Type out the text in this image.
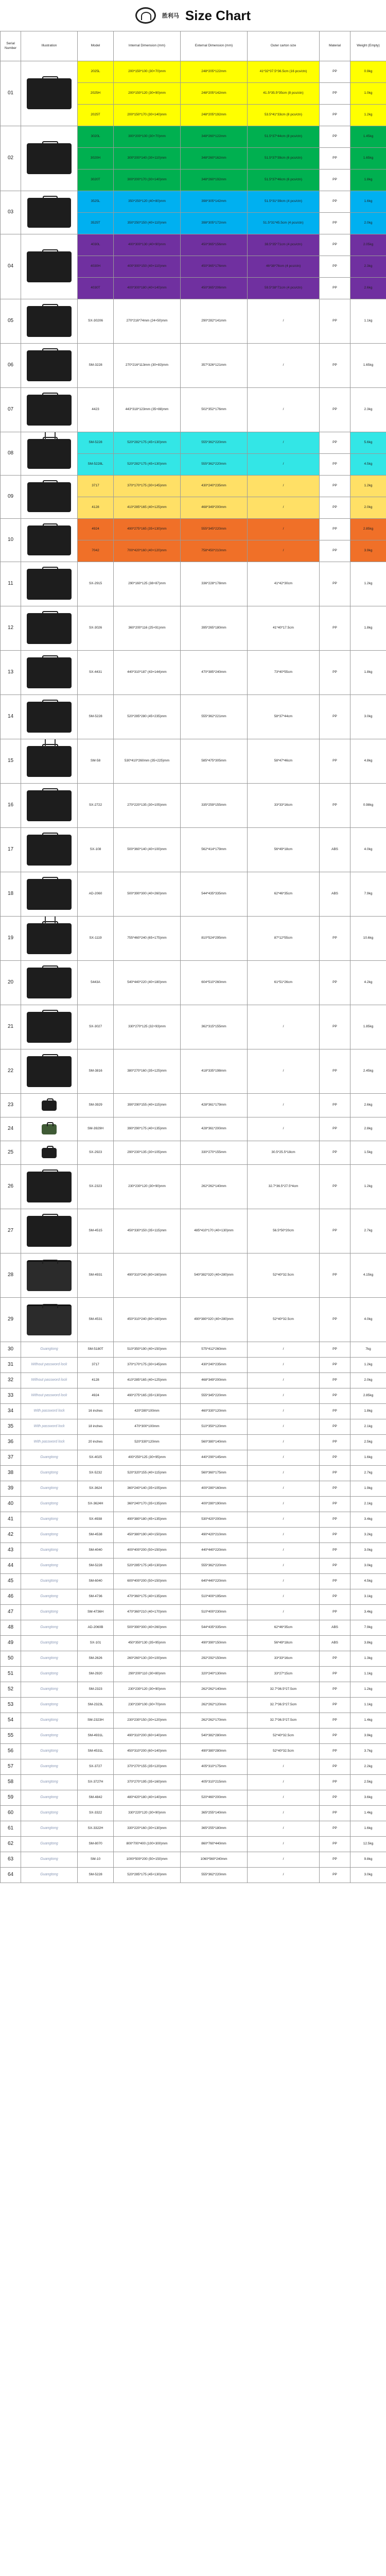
胜利马 Size Chart
Serial Number	Illustration	Model	Internal Dimension (mm)	External Dimension (mm)	Outer carton size	Material	Weight (Empty)
01		2025L	200*150*100 (30+70)mm	248*205*122mm	41*32*37.5*36.5cm (16 pcs/ctn)	PP	0.9kg
		2025H	200*150*120 (30+90)mm	248*205*142mm	41.5*35.5*35cm (8 pcs/ctn)	PP	1.0kg
		2025T	200*150*170 (30+140)mm	248*205*192mm	53.5*41*33cm (8 pcs/ctn)	PP	1.2kg
02		3020L	300*200*100 (30+70)mm	348*260*122mm	51.5*37*44cm (8 pcs/ctn)	PP	1.45kg
		3020H	300*200*140 (30+110)mm	348*260*162mm	51.5*37*39cm (6 pcs/ctn)	PP	1.65kg
		3020T	300*200*170 (30+140)mm	348*260*192mm	51.5*37*46cm (6 pcs/ctn)	PP	1.8kg
03		3525L	350*250*120 (40+80)mm	398*305*142mm	51.5*31*39cm (4 pcs/ctn)	PP	1.6kg
		3525T	350*250*150 (40+110)mm	398*305*172mm	51.5*31*45.5cm (4 pcs/ctn)	PP	2.0kg
04		4030L	400*300*130 (40+90)mm	450*365*156mm	38.5*35*71cm (4 pcs/ctn)	PP	2.05kg
		4030H	400*300*150 (40+110)mm	450*365*176mm	46*38*76cm (4 pcs/ctn)	PP	2.3kg
		4030T	400*300*180 (40+140)mm	450*365*206mm	59.5*38*71cm (4 pcs/ctn)	PP	2.6kg
05		SX-30206	270*216*74mm (24+50)mm	290*282*141mm	/	PP	1.1kg
06		SM-3228	270*216*113mm (30+83)mm	357*326*121mm	/	PP	1.65kg
07		4423	443*318*123mm (35+88)mm	502*352*176mm	/	PP	2.3kg
08		SM-5228	520*282*175 (45+130)mm	555*362*220mm	/	PP	5.6kg
		SM-5228L	520*282*175 (45+130)mm	555*362*220mm	/	PP	4.5kg
09		3717	370*170*175 (30+145)mm	430*240*235mm	/	PP	1.2kg
		4128	410*285*165 (40+125)mm	468*349*200mm	/	PP	2.0kg
10		4924	490*275*165 (35+130)mm	555*345*220mm	/	PP	2.85kg
		7042	700*420*160 (40+120)mm	758*450*210mm	/	PP	3.9kg
11		SX-2915	290*160*125 (38+87)mm	336*228*178mm	41*42*30cm	PP	1.2kg
12		SX-3026	360*200*116 (25+91)mm	395*265*180mm	41*40*17.5cm	PP	1.8kg
13		SX-4431	440*310*187 (43+144)mm	470*385*240mm	73*40*55cm	PP	1.8kg
14		SM-5228	520*285*280 (45+235)mm	555*362*221mm	58*37*44cm	PP	3.0kg
15		SM-58	530*410*260mm (35+225)mm	585*475*305mm	58*47*46cm	PP	4.8kg
16		SX-2722	270*220*135 (30+105)mm	335*259*155mm	33*33*16cm	PP	0.98kg
17		SX-108	500*360*140 (40+100)mm	562*414*179mm	56*49*18cm	ABS	4.0kg
18		AD-2060	500*390*300 (40+260)mm	544*435*335mm	62*46*35cm	ABS	7.9kg
19		SX-1119	755*460*240 (65+175)mm	810*524*295mm	87*12*55cm	PP	10.6kg
20		5443A	540*440*220 (40+180)mm	604*510*260mm	61*51*26cm	PP	4.2kg
21		SX-3027	330*270*125 (32+93)mm	362*315*155mm	/	PP	1.85kg
22		SM-3816	380*270*160 (35+125)mm	418*335*198mm	/	PP	2.45kg
23		SM-3929	390*290*155 (40+115)mm	428*361*179mm	/	PP	2.6kg
24		SM-3929H	390*290*175 (40+135)mm	428*361*200mm	/	PP	2.8kg
25		SX-2923	290*230*135 (30+105)mm	330*270*155mm	30.5*25.5*18cm	PP	1.5kg
26		SX-2323	230*230*120 (30+90)mm	262*262*140mm	32.7*36.5*27.5*4cm	PP	1.2kg
27		SM-4515	450*330*150 (35+115)mm	485*410*170 (40+130)mm	56.5*50*20cm	PP	2.7kg
28		SM-4931	490*310*240 (80+160)mm	540*382*320 (40+280)mm	52*40*32.5cm	PP	4.15kg
29		SM-4531	450*310*240 (80+160)mm	490*380*320 (40+280)mm	52*40*32.5cm	PP	4.0kg
30	Guangtong	SM-5180T	510*350*190 (40+150)mm	575*412*260mm	/	PP	7kg
31	Without password lock	3717	370*170*175 (30+145)mm	430*240*235mm	/	PP	1.2kg
32	Without password lock	4128	410*285*165 (40+125)mm	468*349*200mm	/	PP	2.0kg
33	Without password lock	4924	490*275*165 (35+130)mm	555*345*220mm	/	PP	2.85kg
34	With password lock	16 inches	420*280*100mm	460*330*120mm	/	PP	1.8kg
35	With password lock	18 inches	470*300*100mm	510*350*120mm	/	PP	2.1kg
36	With password lock	20 inches	520*330*120mm	560*380*140mm	/	PP	2.5kg
37	Guangtong	SX-4025	400*250*125 (30+95)mm	440*290*145mm	/	PP	1.6kg
38	Guangtong	SX-5232	520*320*155 (40+115)mm	560*360*175mm	/	PP	2.7kg
39	Guangtong	SX-3624	360*240*140 (35+105)mm	400*280*160mm	/	PP	1.9kg
40	Guangtong	SX-3624H	360*240*170 (35+135)mm	400*280*190mm	/	PP	2.1kg
41	Guangtong	SX-4938	490*380*180 (45+135)mm	530*420*200mm	/	PP	3.4kg
42	Guangtong	SM-4538	450*380*190 (40+150)mm	490*420*210mm	/	PP	3.2kg
43	Guangtong	SM-4040	400*400*200 (50+150)mm	440*440*220mm	/	PP	3.0kg
44	Guangtong	SM-5228	520*285*175 (45+130)mm	555*362*220mm	/	PP	3.0kg
45	Guangtong	SM-6040	600*400*200 (50+150)mm	640*440*220mm	/	PP	4.5kg
46	Guangtong	SM-4736	470*360*175 (40+135)mm	510*400*195mm	/	PP	3.1kg
47	Guangtong	SM-4736H	470*360*210 (40+170)mm	510*400*230mm	/	PP	3.4kg
48	Guangtong	AD-2060B	500*390*300 (40+260)mm	544*435*335mm	62*46*35cm	ABS	7.9kg
49	Guangtong	SX-101	450*350*130 (35+95)mm	490*390*150mm	56*49*18cm	ABS	3.8kg
50	Guangtong	SM-2626	260*260*130 (30+100)mm	292*292*150mm	33*33*16cm	PP	1.3kg
51	Guangtong	SM-2920	290*200*110 (30+80)mm	320*240*130mm	33*27*15cm	PP	1.1kg
52	Guangtong	SM-2323	230*230*120 (30+90)mm	262*262*140mm	32.7*36.5*27.5cm	PP	1.2kg
53	Guangtong	SM-2323L	230*230*100 (30+70)mm	262*262*120mm	32.7*36.5*27.5cm	PP	1.1kg
54	Guangtong	SM-2323H	230*230*150 (30+120)mm	262*262*170mm	32.7*36.5*27.5cm	PP	1.4kg
55	Guangtong	SM-4931L	490*310*200 (60+140)mm	540*382*280mm	52*40*32.5cm	PP	3.9kg
56	Guangtong	SM-4531L	450*310*200 (60+140)mm	490*380*280mm	52*40*32.5cm	PP	3.7kg
57	Guangtong	SX-3727	370*270*155 (35+120)mm	405*310*175mm	/	PP	2.2kg
58	Guangtong	SX-3727H	370*270*195 (35+160)mm	405*310*215mm	/	PP	2.5kg
59	Guangtong	SM-4842	480*420*180 (40+140)mm	520*460*200mm	/	PP	3.6kg
60	Guangtong	SX-3322	330*220*120 (30+90)mm	365*255*140mm	/	PP	1.4kg
61	Guangtong	SX-3322H	330*220*160 (30+130)mm	365*255*180mm	/	PP	1.6kg
62	Guangtong	SM-8070	800*700*400 (100+300)mm	860*760*440mm	/	PP	12.5kg
63	Guangtong	SM-10	1000*500*200 (50+150)mm	1060*560*240mm	/	PP	9.8kg
64	Guangtong	SM-5228	520*285*175 (45+130)mm	555*362*220mm	/	PP	3.0kg
